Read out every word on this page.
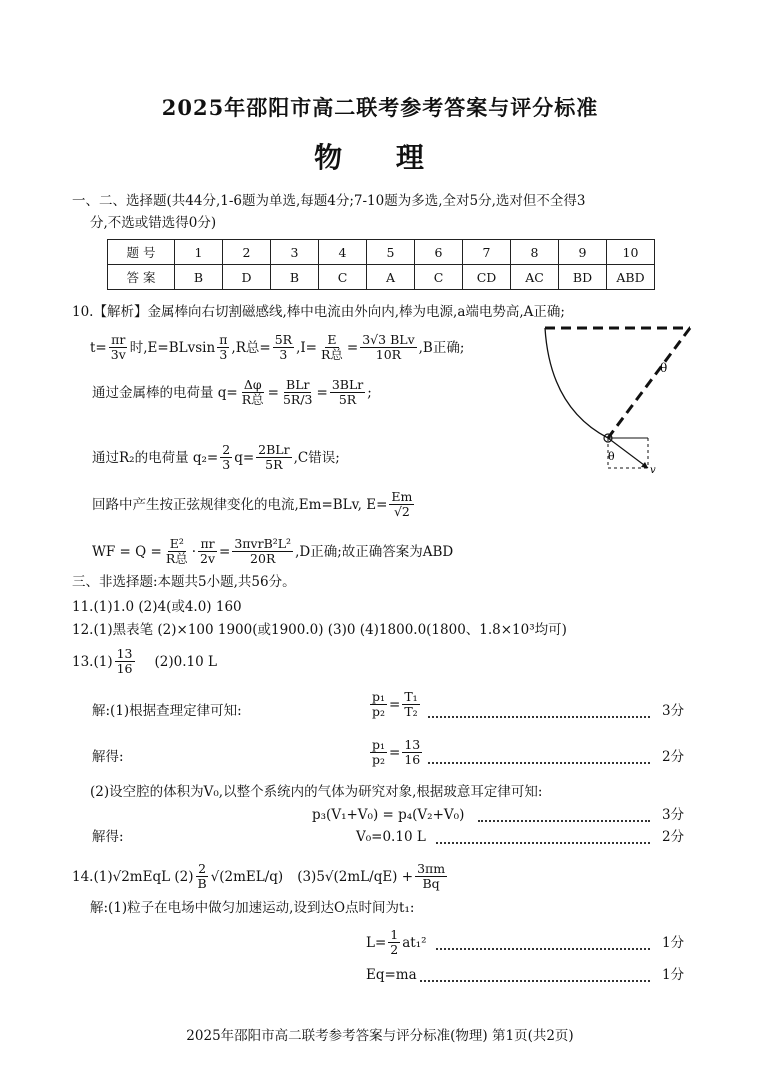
2025年邵阳市高二联考参考答案与评分标准
物 理
一、二、选择题(共44分,1-6题为单选,每题4分;7-10题为多选,全对5分,选对但不全得3
分,不选或错选得0分)
题 号	1	2	3	4	5	6	7	8	9	10
答 案	B	D	B	C	A	C	CD	AC	BD	ABD
10.【解析】金属棒向右切割磁感线,棒中电流由外向内,棒为电源,a端电势高,A正确;
$t= \frac{\pi r}{3v}$ 时$,E=BLvsin \frac{\pi}{3} ,R$总= $\frac{5R}{3} ,I= \frac{E}{\text{R总}} = \frac{\text{3√3 BLv}}{10R} ,B$正确;
通过金属棒的电荷量 $q= \frac{\Delta\varphi}{\text{R总}} = \frac{\text{BLr}}{5R/3} = \frac{\text{3BLr}}{5R}$ ;
通过R₂的电荷量 $q_2= \frac{2}{3} q= \frac{\text{2BLr}}{5R} ,C$错误;
回路中产生按正弦规律变化的电流,Em=BLv, $E= \frac{Em}{√2}$
WF = $Q = \frac{\text{E²}}{\text{R总}} \cdot \frac{\pi r}{2v} = \frac{\text{3πvrB²L²}}{20R} ,D$正确;故正确答案为ABD
θ
θ
v
三、非选择题:本题共5小题,共56分。
11.(1)1.0 (2)4(或4.0) 160
12.(1)黑表笔 (2)×100 1900(或1900.0) (3)0 (4)1800.0(1800、1.8×10³均可)
$13.(1) \frac{13}{16} (2)0.10$ L
解:(1)根据查理定律可知:	$\frac{\text{p₁}}{\text{p₂}} = \frac{\text{T₁}}{\text{T₂}}$	3分
解得:	$\frac{\text{p₁}}{\text{p₂}} = \frac{13}{16}$	2分
(2)设空腔的体积为V₀,以整个系统内的气体为研究对象,根据玻意耳定律可知:
p₃(V₁+V₀) = p₄(V₂+V₀)	3分
解得:	V₀=0.10 L	2分
14.(1)√2mEqL $(2) \frac{2}{B} √(2mEL/q) (3)5√(2mL/qE) + \frac{3\pi m}{Bq}$
解:(1)粒子在电场中做匀加速运动,设到达O点时间为t₁:
$L= \frac{1}{2} at_1^2$	1分
Eq=ma	1分
2025年邵阳市高二联考参考答案与评分标准(物理) 第1页(共2页)
